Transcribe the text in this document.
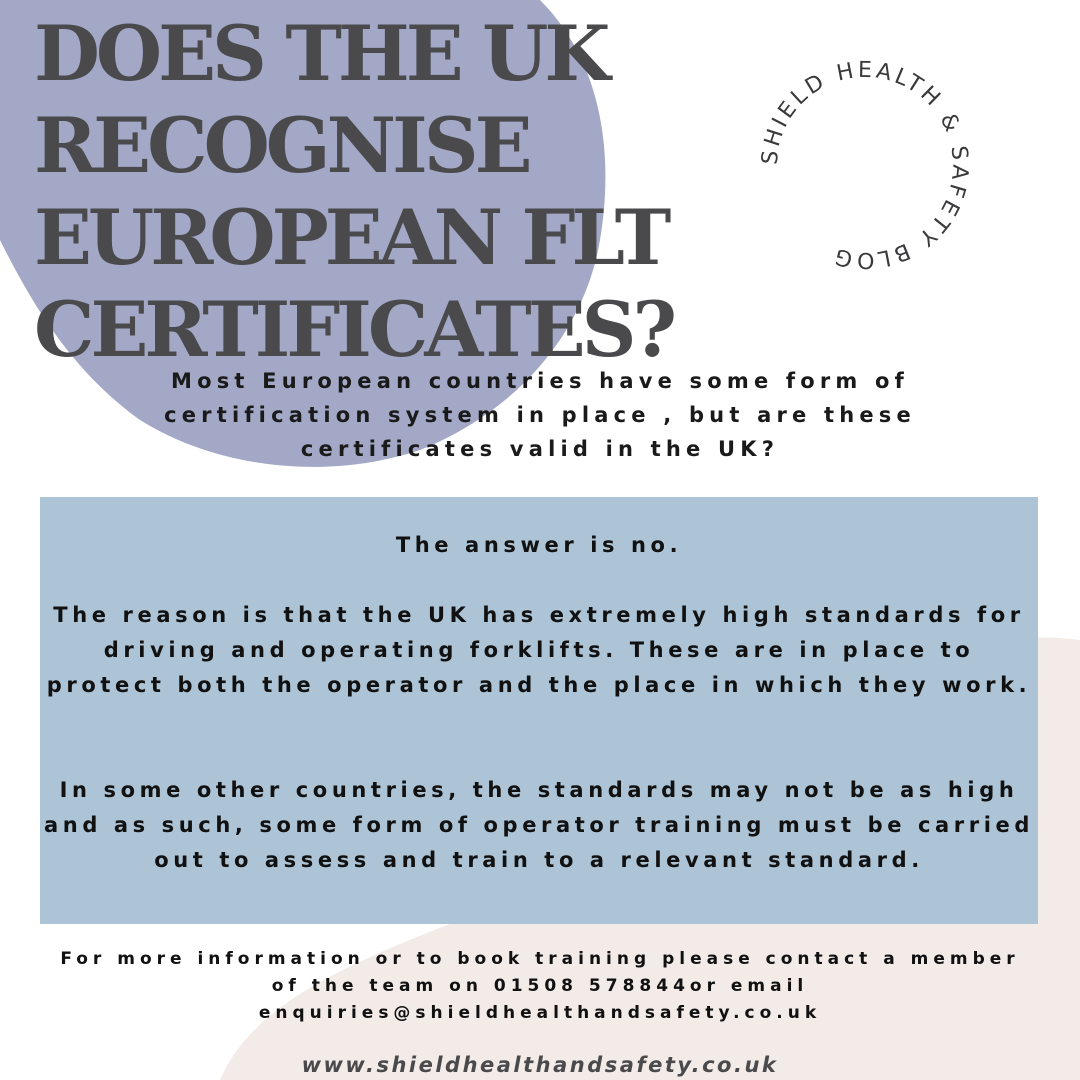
DOES THE UK RECOGNISE EUROPEAN FLT CERTIFICATES?
SHIELD HEALTH & SAFETY BLOG

Most European countries have some form of certification system in place , but are these certificates valid in the UK?

The answer is no.

The reason is that the UK has extremely high standards for driving and operating forklifts. These are in place to protect both the operator and the place in which they work.

In some other countries, the standards may not be as high and as such, some form of operator training must be carried out to assess and train to a relevant standard.

For more information or to book training please contact a member of the team on 01508 578844or email enquiries@shieldhealthandsafety.co.uk

www.shieldhealthandsafety.co.uk
